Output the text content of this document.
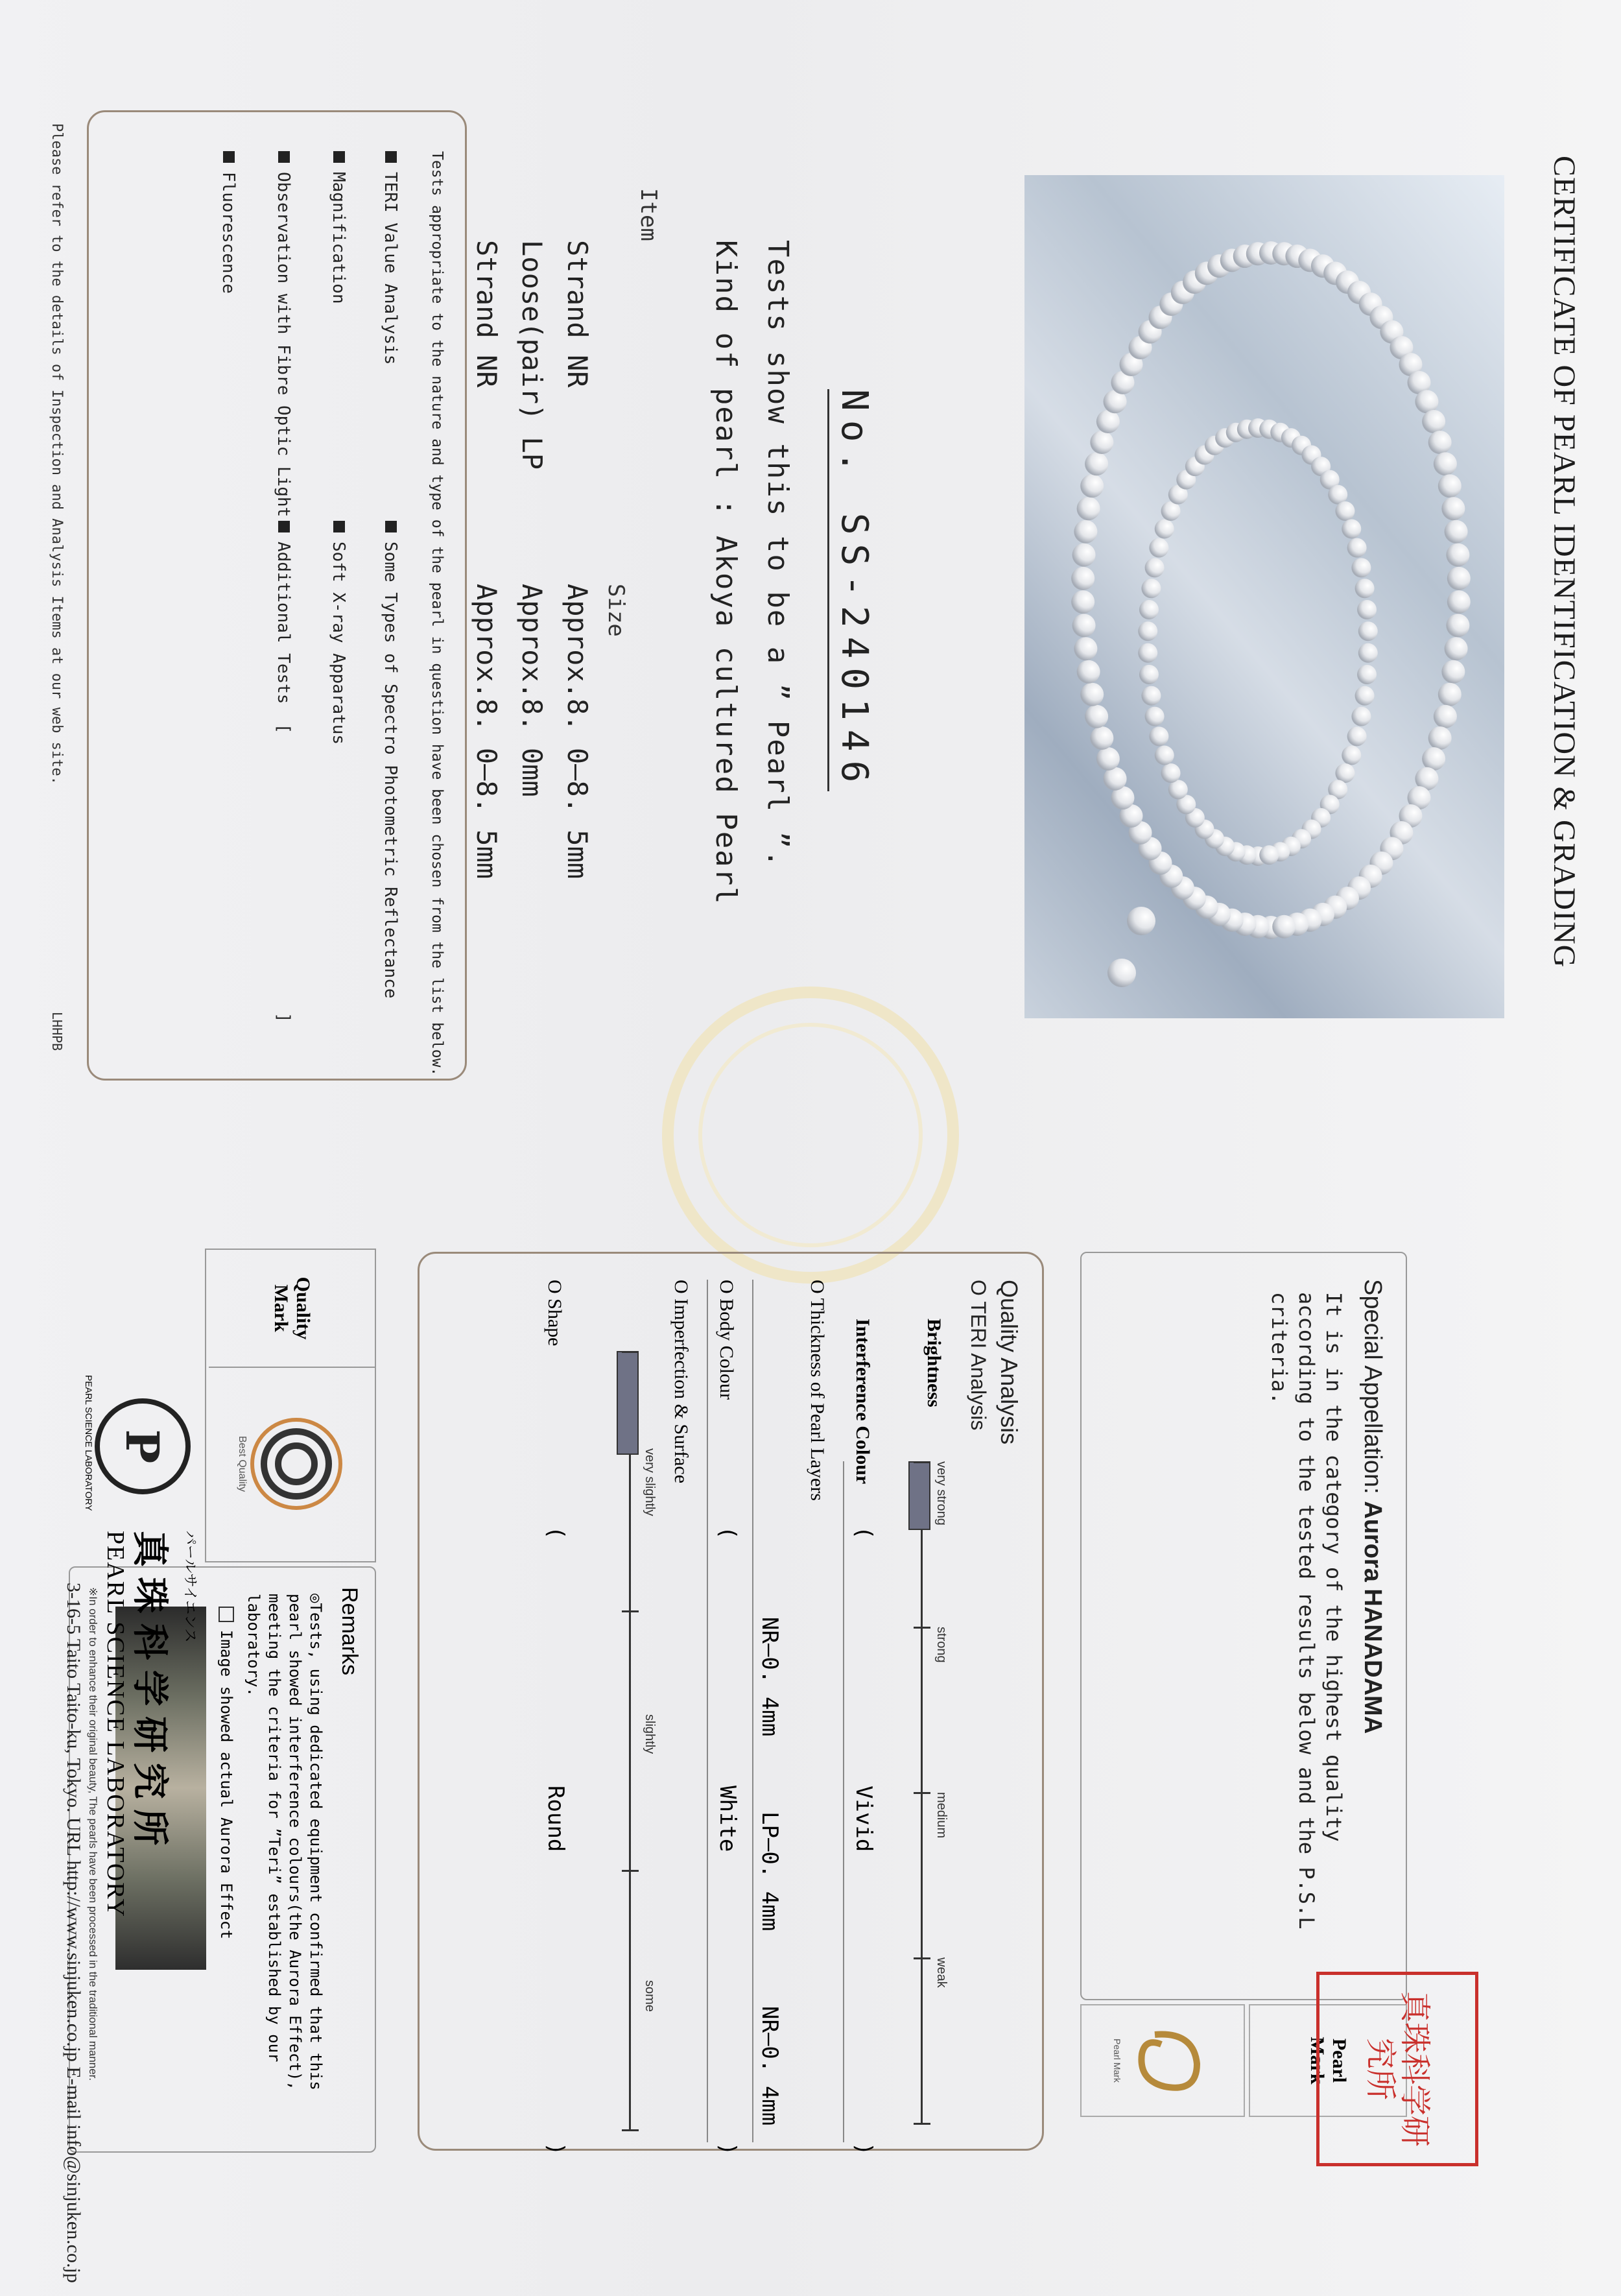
CERTIFICATE OF PEARL IDENTIFICATION & GRADING
No. SS-240146
Tests show this to be a ” Pearl ”.
Kind of pearl : Akoya cultured Pearl
Item
Size
Strand NR
Loose(pair) LP
Strand NR
Approx.8. 0–8. 5mm
Approx.8. 0mm
Approx.8. 0–8. 5mm
Tests appropriate to the nature and type of the pearl in question have been chosen from the list below.
TERI Value Analysis
Some Types of Spectro Photometric Reflectance
Magnification
Soft X-ray Apparatus
Observation with Fibre Optic Light
Additional Tests[]
Fluorescence
Please refer to the details of Inspection and Analysis Items at our web site.
LHHPB
Special Appellation: Aurora HANADAMA
It is in the category of the highest quality according to the tested results below and the P.S.L criteria.
Pearl
Mark
Pearl Mark	真珠科学研究所
Quality Analysis
O TERI Analysis
Brightness
very strong
strong
medium
weak
Interference Colour
(
Vivid
)
O Thickness of Pearl Layers
NR–0. 4mm
LP–0. 4mm
NR–0. 4mm
O Body Colour
(
White
)
O Imperfection & Surface
very slightly
slightly
some
O Shape
(
Round
)
Quality
Mark
Best Quality
Remarks
◎Tests, using dedicated equipment confirmed that this pearl showed interference colours(the Aurora Effect), meeting the criteria for ”Teri” established by our laboratory.
Image showed actual Aurora Effect
※In order to enhance their original beauty, The pearls have been processed in the traditional manner.
P
PEARL SCIENCE LABORATORY
パールサイエンス
真 珠 科 学 研 究 所
PEARL SCIENCE LABORATORY
3-16-5 Taito Taito-ku, Tokyo. URL http://www.sinjuken.co.jp E-mail info@sinjuken.co.jp
